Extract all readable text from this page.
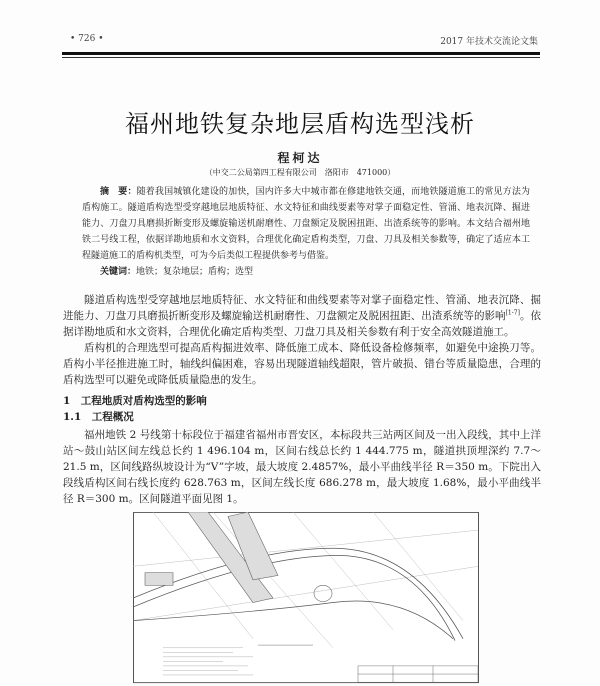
• 726 •	2017 年技术交流论文集
福州地铁复杂地层盾构选型浅析
程柯达
（中交二公局第四工程有限公司　洛阳市　471000）
摘　要：随着我国城镇化建设的加快，国内许多大中城市都在修建地铁交通，而地铁隧道施工的常见方法为盾构施工。隧道盾构选型受穿越地层地质特征、水文特征和曲线要素等对掌子面稳定性、管涌、地表沉降、掘进能力、刀盘刀具磨损折断变形及螺旋输送机耐磨性、刀盘额定及脱困扭距、出渣系统等的影响。本文结合福州地铁二号线工程，依据详勘地质和水文资料，合理优化确定盾构类型，刀盘、刀具及相关参数等，确定了适应本工程隧道施工的盾构机类型，可为今后类似工程提供参考与借鉴。
关键词：地铁；复杂地层；盾构；选型

隧道盾构选型受穿越地层地质特征、水文特征和曲线要素等对掌子面稳定性、管涌、地表沉降、掘进能力、刀盘刀具磨损折断变形及螺旋输送机耐磨性、刀盘额定及脱困扭距、出渣系统等的影响[1-7]。依据详勘地质和水文资料，合理优化确定盾构类型、刀盘刀具及相关参数有利于安全高效隧道施工。

盾构机的合理选型可提高盾构掘进效率、降低施工成本、降低设备检修频率，如避免中途换刀等。盾构小半径推进施工时，轴线纠偏困难，容易出现隧道轴线超限，管片破损、错台等质量隐患，合理的盾构选型可以避免或降低质量隐患的发生。

1　工程地质对盾构选型的影响
1.1　工程概况

福州地铁 2 号线第十标段位于福建省福州市晋安区，本标段共三站两区间及一出入段线，其中上洋站～鼓山站区间左线总长约 1 496.104 m，区间右线总长约 1 444.775 m，隧道拱顶埋深约 7.7～21.5 m，区间线路纵坡设计为“V”字坡，最大坡度 2.4857%，最小平曲线半径 R＝350 m。下院出入段线盾构区间右线长度约 628.763 m，区间左线长度 686.278 m，最大坡度 1.68%，最小平曲线半径 R＝300 m。区间隧道平面见图 1。
